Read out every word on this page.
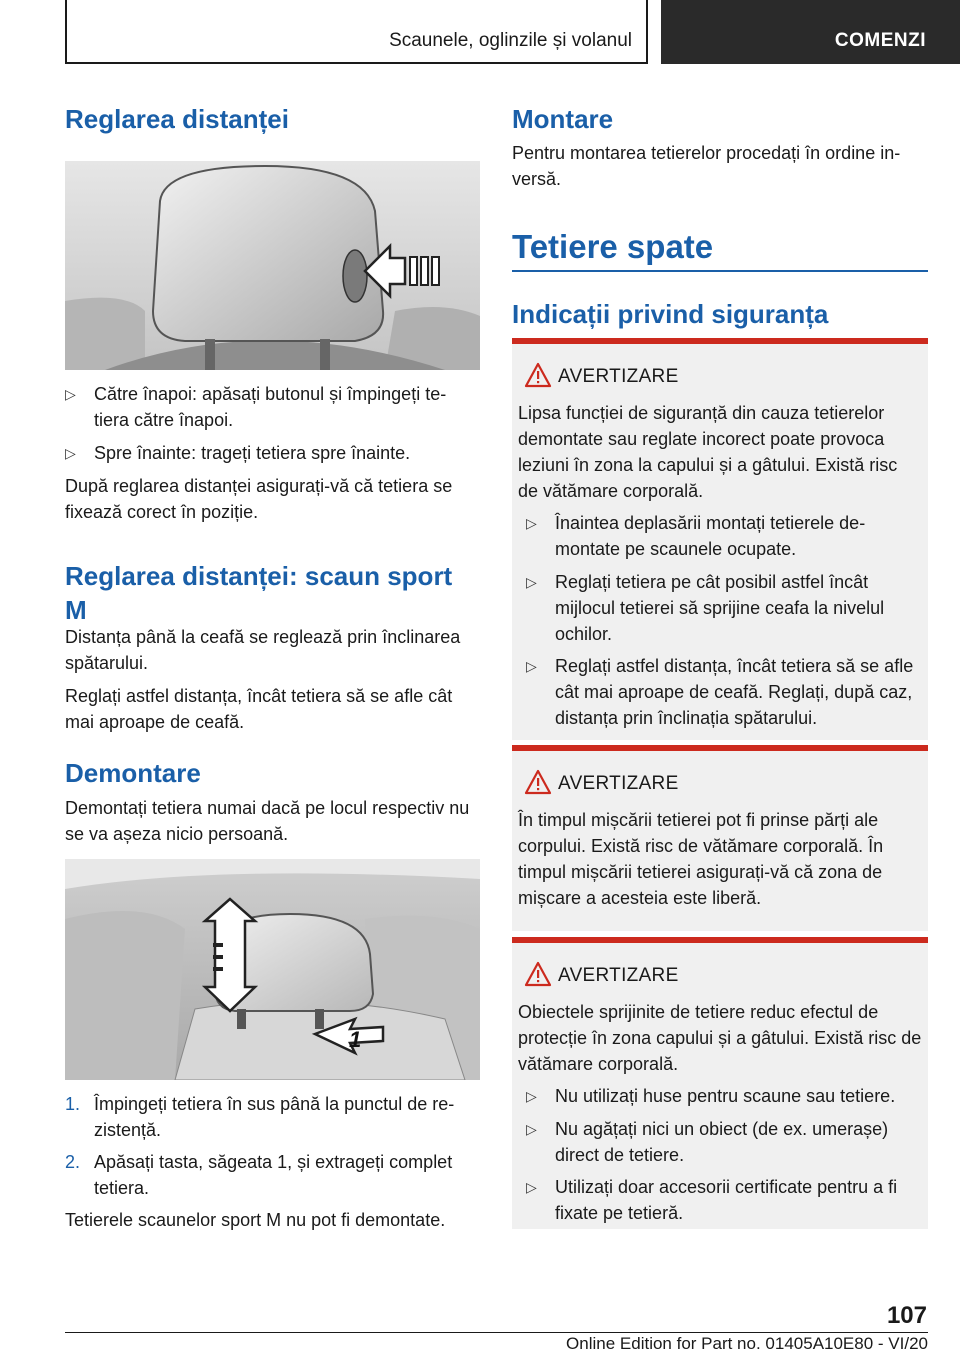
Scaunele, oglinzile și volanul	COMENZI
Reglarea distanței
▷ Către înapoi: apăsați butonul și împingeți te-tiera către înapoi.
▷ Spre înainte: trageți tetiera spre înainte.

După reglarea distanței asigurați-vă că tetiera se fixează corect în poziție.

Reglarea distanței: scaun sport M

Distanța până la ceafă se reglează prin înclinarea spătarului.

Reglați astfel distanța, încât tetiera să se afle cât mai aproape de ceafă.

Demontare

Demontați tetiera numai dacă pe locul respectiv nu se va așeza nicio persoană.

1
1. Împingeți tetiera în sus până la punctul de re-zistență.
2. Apăsați tasta, săgeata 1, și extrageți complet tetiera.

Tetierele scaunelor sport M nu pot fi demontate.

Montare

Pentru montarea tetierelor procedați în ordine in-versă.

Tetiere spate
Indicații privind siguranța
AVERTIZARE

Lipsa funcției de siguranță din cauza tetierelor demontate sau reglate incorect poate provoca leziuni în zona la capului și a gâtului. Există risc de vătămare corporală.

▷ Înaintea deplasării montați tetierele de-montate pe scaunele ocupate.
▷ Reglați tetiera pe cât posibil astfel încât mijlocul tetierei să sprijine ceafa la nivelul ochilor.
▷ Reglați astfel distanța, încât tetiera să se afle cât mai aproape de ceafă. Reglați, după caz, distanța prin înclinația spătarului.
AVERTIZARE

În timpul mișcării tetierei pot fi prinse părți ale corpului. Există risc de vătămare corporală. În timpul mișcării tetierei asigurați-vă că zona de mișcare a acesteia este liberă.

AVERTIZARE

Obiectele sprijinite de tetiere reduc efectul de protecție în zona capului și a gâtului. Există risc de vătămare corporală.

▷ Nu utilizați huse pentru scaune sau tetiere.
▷ Nu agățați nici un obiect (de ex. umerașe) direct de tetiere.
▷ Utilizați doar accesorii certificate pentru a fi fixate pe tetieră.
107
Online Edition for Part no. 01405A10E80 - VI/20
